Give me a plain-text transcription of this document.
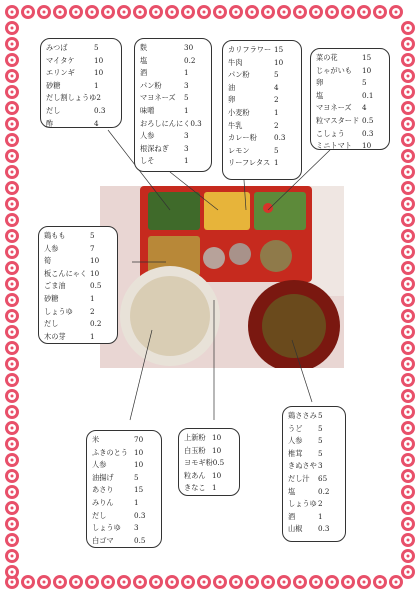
みつば	5
マイタケ	10
エリンギ	10
砂糖	1
だし割しょうゆ 2
だし	0.3
酢	4
麩	30
塩	0.2
酒	1
パン粉	3
マヨネーズ	5
味噌	1
おろしにんにく 0.3
人参	3
根深ねぎ	3
しそ	1
カリフラワー 15
牛肉	10
パン粉	5
油	4
卵	2
小麦粉	1
牛乳	2
カレー粉	0.3
レモン	5
リーフレタス 1
菜の花	15
じゃがいも	10
卵	5
塩	0.1
マヨネーズ	4
粒マスタード 0.5
こしょう	0.3
ミニトマト	10
鶏もも	5
人参	7
筍	10
板こんにゃく 10
ごま油	0.5
砂糖	1
しょうゆ	2
だし	0.2
木の芽	1
米	70
ふきのとう 10
人参	10
油揚げ	5
あさり	15
みりん	1
だし	0.3
しょうゆ	3
白ゴマ	0.5
上新粉 10
白玉粉 10
ヨモギ粉 0.5
粒あん 10
きなこ 1
鶏ささみ 5
うど	5
人参	5
椎茸	5
きぬさや 3
だし汁	65
塩	0.2
しょうゆ 2
酒	1
山椒	0.3
